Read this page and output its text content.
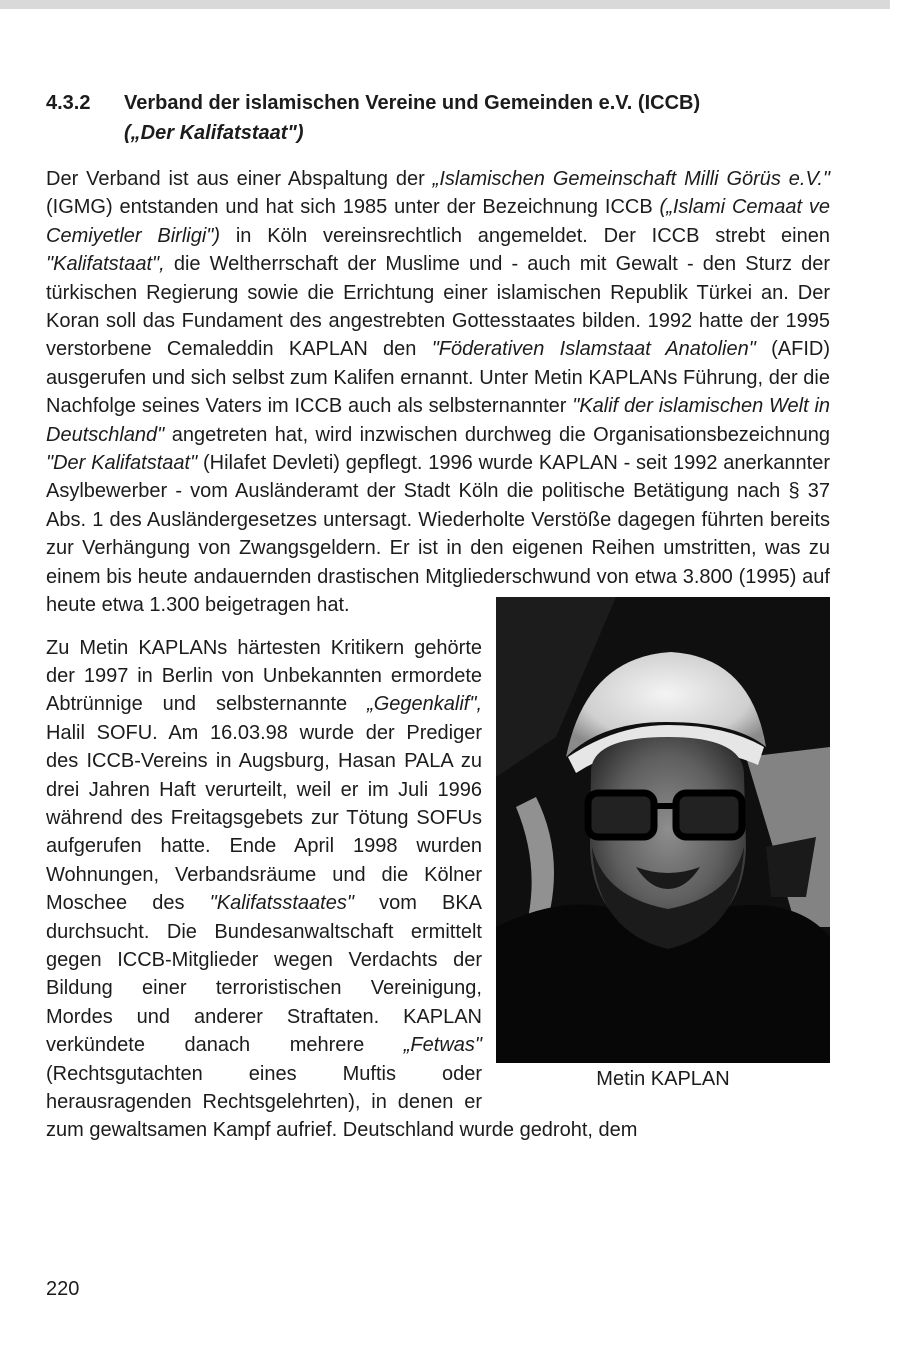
4.3.2 Verband der islamischen Vereine und Gemeinden e.V. (ICCB)
(„Der Kalifatstaat")

Der Verband ist aus einer Abspaltung der „Islamischen Gemeinschaft Milli Görüs e.V." (IGMG) entstanden und hat sich 1985 unter der Bezeichnung ICCB („Islami Cemaat ve Cemiyetler Birligi") in Köln vereinsrechtlich angemeldet. Der ICCB strebt einen "Kalifatstaat", die Weltherrschaft der Muslime und - auch mit Gewalt - den Sturz der türkischen Regierung sowie die Errichtung einer islamischen Republik Türkei an. Der Koran soll das Fundament des angestrebten Gottesstaates bilden. 1992 hatte der 1995 verstorbene Cemaleddin KAPLAN den "Föderativen Islamstaat Anatolien" (AFID) ausgerufen und sich selbst zum Kalifen ernannt. Unter Metin KAPLANs Führung, der die Nachfolge seines Vaters im ICCB auch als selbsternannter "Kalif der islamischen Welt in Deutschland" angetreten hat, wird inzwischen durchweg die Organisationsbezeichnung "Der Kalifatstaat" (Hilafet Devleti) gepflegt. 1996 wurde KAPLAN - seit 1992 anerkannter Asylbewerber - vom Ausländeramt der Stadt Köln die politische Betätigung nach § 37 Abs. 1 des Ausländergesetzes untersagt. Wiederholte Verstöße dagegen führten bereits zur Verhängung von Zwangsgeldern. Er ist in den eigenen Reihen umstritten, was zu einem bis heute andauernden drastischen Mitgliederschwund von etwa 3.800 (1995) auf heute etwa 1.300 beigetragen hat.
Metin KAPLAN

Zu Metin KAPLANs härtesten Kritikern gehörte der 1997 in Berlin von Unbekannten ermordete Abtrünnige und selbsternannte „Gegenkalif", Halil SOFU. Am 16.03.98 wurde der Prediger des ICCB-Vereins in Augsburg, Hasan PALA zu drei Jahren Haft verurteilt, weil er im Juli 1996 während des Freitagsgebets zur Tötung SOFUs aufgerufen hatte. Ende April 1998 wurden Wohnungen, Verbandsräume und die Kölner Moschee des "Kalifatsstaates" vom BKA durchsucht. Die Bundesanwaltschaft ermittelt gegen ICCB-Mitglieder wegen Verdachts der Bildung einer terroristischen Vereinigung, Mordes und anderer Straftaten. KAPLAN verkündete danach mehrere „Fetwas" (Rechtsgutachten eines Muftis oder herausragenden Rechtsgelehrten), in denen er zum gewaltsamen Kampf aufrief. Deutschland wurde gedroht, dem

220
